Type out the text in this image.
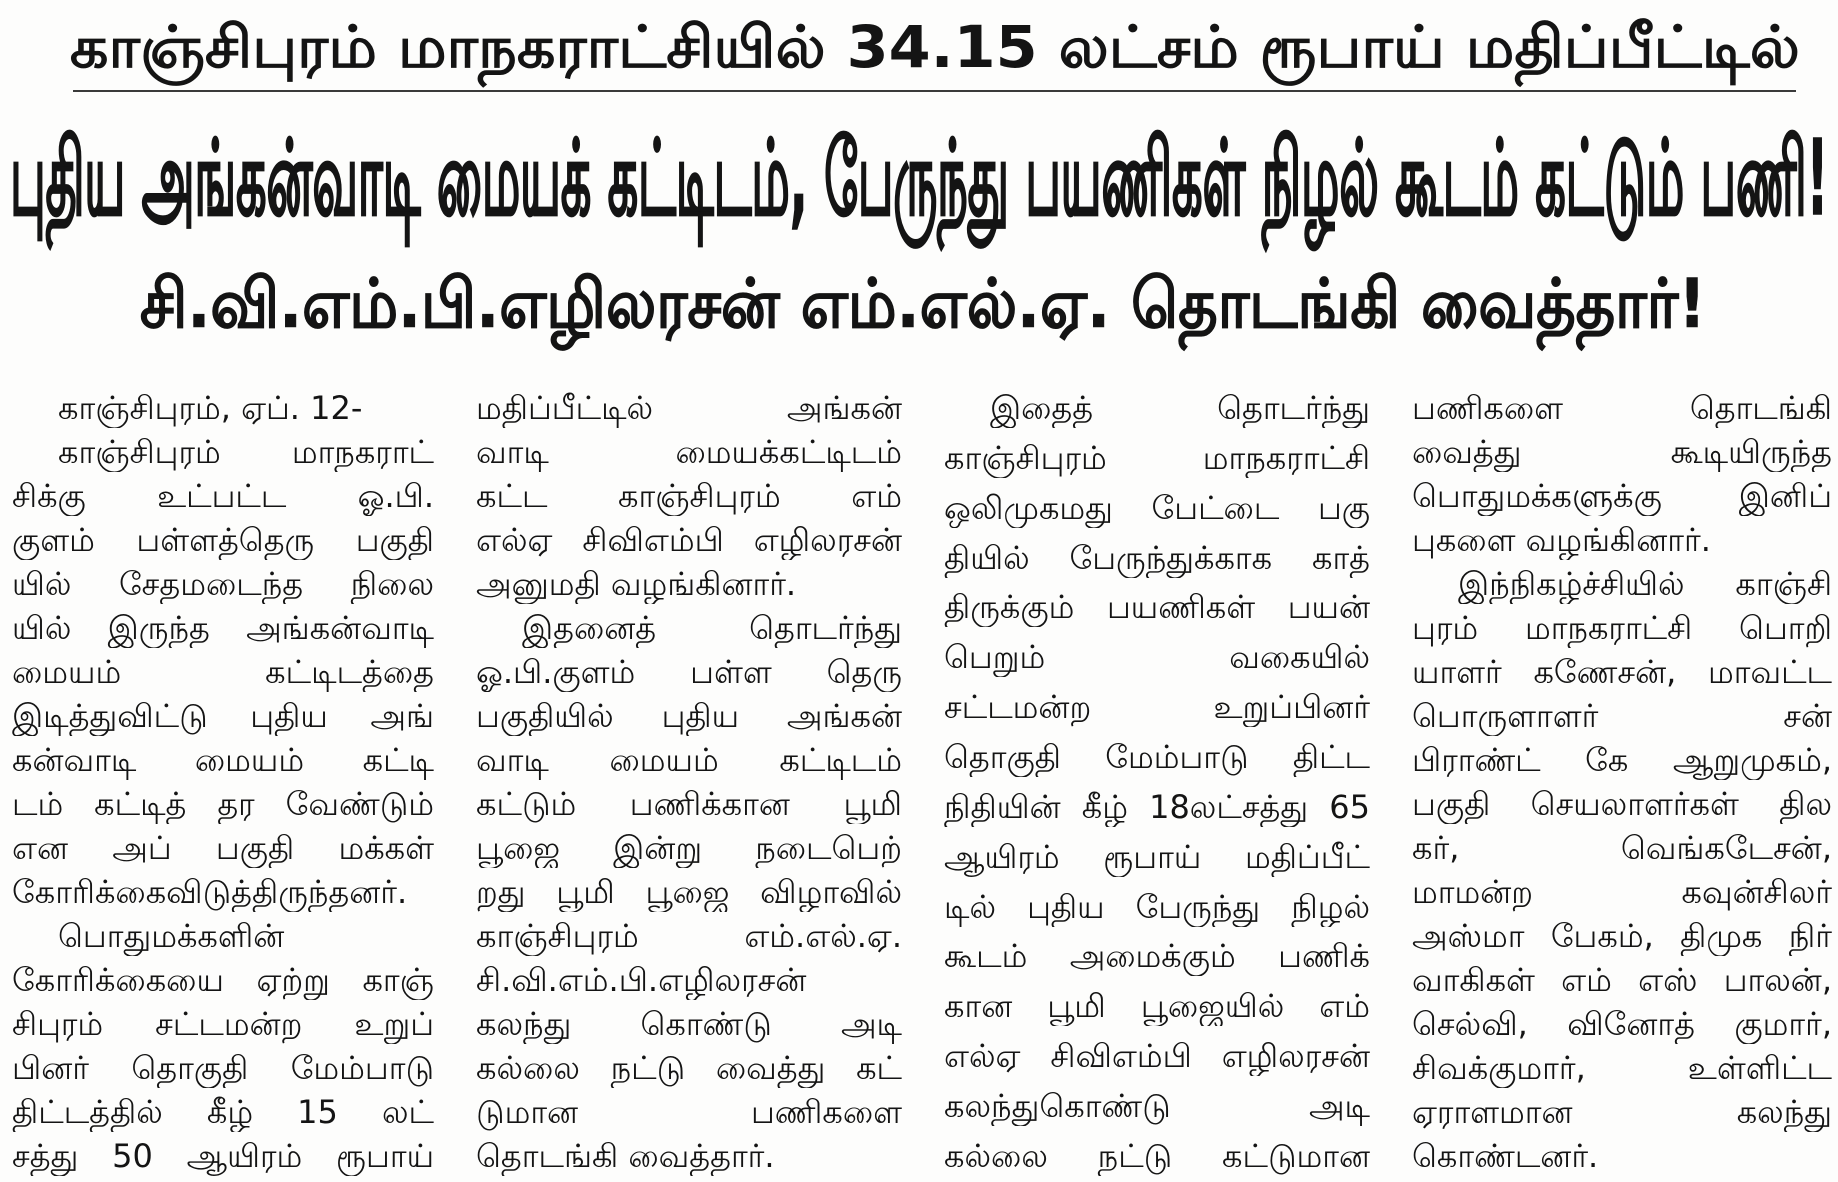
காஞ்சிபுரம் மாநகராட்சியில் 34.15 லட்சம் ரூபாய் மதிப்பீட்டில்
புதிய அங்கன்வாடி மையக் கட்டிடம், பேருந்து பயணிகள் நிழல் கூடம் கட்டும் பணி!
சி.வி.எம்.பி.எழிலரசன் எம்.எல்.ஏ. தொடங்கி வைத்தார்!
காஞ்சிபுரம், ஏப். 12-
காஞ்சிபுரம் மாநகராட்
சிக்கு உட்பட்ட ஓ.பி.
குளம் பள்ளத்தெரு பகுதி
யில் சேதமடைந்த நிலை
யில் இருந்த அங்கன்வாடி
மையம் கட்டிடத்தை
இடித்துவிட்டு புதிய அங்
கன்வாடி மையம் கட்டி
டம் கட்டித் தர வேண்டும்
என அப் பகுதி மக்கள்
கோரிக்கைவிடுத்திருந்தனர்.
பொதுமக்களின்
கோரிக்கையை ஏற்று காஞ்
சிபுரம் சட்டமன்ற உறுப்
பினர் தொகுதி மேம்பாடு
திட்டத்தில் கீழ் 15 லட்
சத்து 50 ஆயிரம் ரூபாய்
மதிப்பீட்டில் அங்கன்
வாடி மையக்கட்டிடம்
கட்ட காஞ்சிபுரம் எம்
எல்ஏ சிவிஎம்பி எழிலரசன்
அனுமதி வழங்கினார்.
இதனைத் தொடர்ந்து
ஓ.பி.குளம் பள்ள தெரு
பகுதியில் புதிய அங்கன்
வாடி மையம் கட்டிடம்
கட்டும் பணிக்கான பூமி
பூஜை இன்று நடைபெற்
றது பூமி பூஜை விழாவில்
காஞ்சிபுரம் எம்.எல்.ஏ.
சி.வி.எம்.பி.எழிலரசன்
கலந்து கொண்டு அடி
கல்லை நட்டு வைத்து கட்
டுமான பணிகளை
தொடங்கி வைத்தார்.
இதைத் தொடர்ந்து
காஞ்சிபுரம் மாநகராட்சி
ஒலிமுகமது பேட்டை பகு
தியில் பேருந்துக்காக காத்
திருக்கும் பயணிகள் பயன்
பெறும் வகையில்
சட்டமன்ற உறுப்பினர்
தொகுதி மேம்பாடு திட்ட
நிதியின் கீழ் 18லட்சத்து 65
ஆயிரம் ரூபாய் மதிப்பீட்
டில் புதிய பேருந்து நிழல்
கூடம் அமைக்கும் பணிக்
கான பூமி பூஜையில் எம்
எல்ஏ சிவிஎம்பி எழிலரசன்
கலந்துகொண்டு அடி
கல்லை நட்டு கட்டுமான
பணிகளை தொடங்கி
வைத்து கூடியிருந்த
பொதுமக்களுக்கு இனிப்
புகளை வழங்கினார்.
இந்நிகழ்ச்சியில் காஞ்சி
புரம் மாநகராட்சி பொறி
யாளர் கணேசன், மாவட்ட
பொருளாளர் சன்
பிராண்ட் கே ஆறுமுகம்,
பகுதி செயலாளர்கள் தில
கர், வெங்கடேசன்,
மாமன்ற கவுன்சிலர்
அஸ்மா பேகம், திமுக நிர்
வாகிகள் எம் எஸ் பாலன்,
செல்வி, வினோத் குமார்,
சிவக்குமார், உள்ளிட்ட
ஏராளமான கலந்து
கொண்டனர்.
